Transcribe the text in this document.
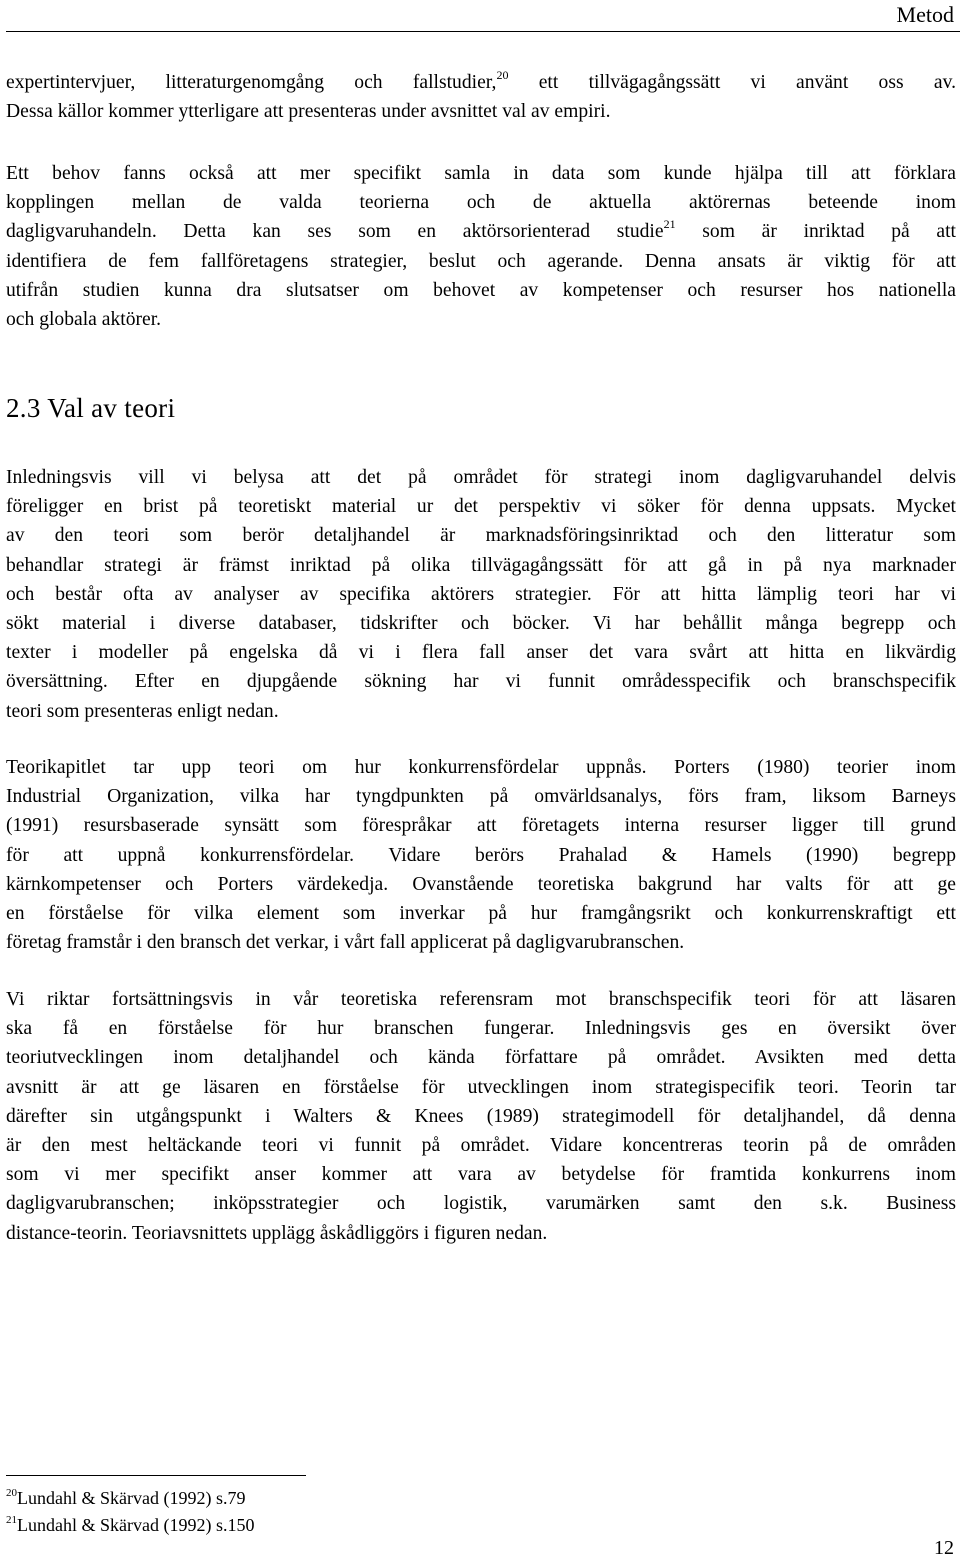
Metod
expertintervjuer, litteraturgenomgång och fallstudier,$^{20}$ ett tillvägagångssätt vi använt oss av.
Dessa källor kommer ytterligare att presenteras under avsnittet val av empiri.
Ett behov fanns också att mer specifikt samla in data som kunde hjälpa till att förklara
kopplingen mellan de valda teorierna och de aktuella aktörernas beteende inom
dagligvaruhandeln. Detta kan ses som en aktörsorienterad studie$^{21}$ som är inriktad på att
identifiera de fem fallföretagens strategier, beslut och agerande. Denna ansats är viktig för att
utifrån studien kunna dra slutsatser om behovet av kompetenser och resurser hos nationella
och globala aktörer.
2.3 Val av teori
Inledningsvis vill vi belysa att det på området för strategi inom dagligvaruhandel delvis
föreligger en brist på teoretiskt material ur det perspektiv vi söker för denna uppsats. Mycket
av den teori som berör detaljhandel är marknadsföringsinriktad och den litteratur som
behandlar strategi är främst inriktad på olika tillvägagångssätt för att gå in på nya marknader
och består ofta av analyser av specifika aktörers strategier. För att hitta lämplig teori har vi
sökt material i diverse databaser, tidskrifter och böcker. Vi har behållit många begrepp och
texter i modeller på engelska då vi i flera fall anser det vara svårt att hitta en likvärdig
översättning. Efter en djupgående sökning har vi funnit områdesspecifik och branschspecifik
teori som presenteras enligt nedan.
Teorikapitlet tar upp teori om hur konkurrensfördelar uppnås. Porters (1980) teorier inom
Industrial Organization, vilka har tyngdpunkten på omvärldsanalys, förs fram, liksom Barneys
(1991) resursbaserade synsätt som förespråkar att företagets interna resurser ligger till grund
för att uppnå konkurrensfördelar. Vidare berörs Prahalad & Hamels (1990) begrepp
kärnkompetenser och Porters värdekedja. Ovanstående teoretiska bakgrund har valts för att ge
en förståelse för vilka element som inverkar på hur framgångsrikt och konkurrenskraftigt ett
företag framstår i den bransch det verkar, i vårt fall applicerat på dagligvarubranschen.
Vi riktar fortsättningsvis in vår teoretiska referensram mot branschspecifik teori för att läsaren
ska få en förståelse för hur branschen fungerar. Inledningsvis ges en översikt över
teoriutvecklingen inom detaljhandel och kända författare på området. Avsikten med detta
avsnitt är att ge läsaren en förståelse för utvecklingen inom strategispecifik teori. Teorin tar
därefter sin utgångspunkt i Walters & Knees (1989) strategimodell för detaljhandel, då denna
är den mest heltäckande teori vi funnit på området. Vidare koncentreras teorin på de områden
som vi mer specifikt anser kommer att vara av betydelse för framtida konkurrens inom
dagligvarubranschen; inköpsstrategier och logistik, varumärken samt den s.k. Business
distance-teorin. Teoriavsnittets upplägg åskådliggörs i figuren nedan.
$^{20}$Lundahl & Skärvad (1992) s.79
$^{21}$Lundahl & Skärvad (1992) s.150
12
